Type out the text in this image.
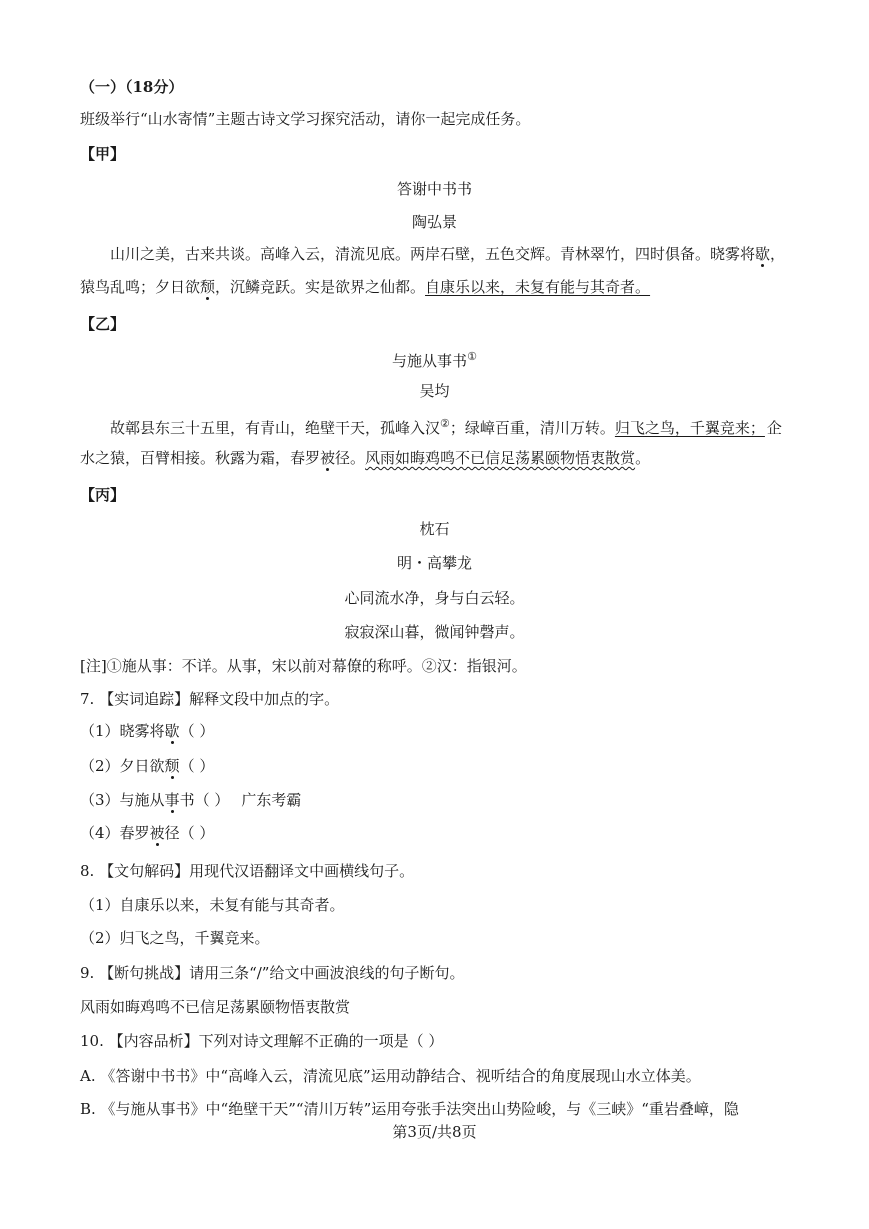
（一）（18分）
班级举行“山水寄情”主题古诗文学习探究活动，请你一起完成任务。
【甲】
答谢中书书
陶弘景
山川之美，古来共谈。高峰入云，清流见底。两岸石壁，五色交辉。青林翠竹，四时俱备。晓雾将歇，
猿鸟乱鸣；夕日欲颓，沉鳞竞跃。实是欲界之仙都。自康乐以来，未复有能与其奇者。
【乙】
与施从事书①
吴均
故鄣县东三十五里，有青山，绝壁干天，孤峰入汉②；绿嶂百重，清川万转。归飞之鸟，千翼竞来； 企
水之猿，百臂相接。秋露为霜，春罗被径。风雨如晦鸡鸣不已信足荡累颐物悟衷散赏。
【丙】
枕石
明・高攀龙
心同流水净，身与白云轻。
寂寂深山暮，微闻钟磬声。
[注]①施从事：不详。从事，宋以前对幕僚的称呼。②汉：指银河。
7. 【实词追踪】解释文段中加点的字。
（1）晓雾将歇（ ）
（2）夕日欲颓（ ）
（3）与施从事书（ ） 广东考霸
（4）春罗被径（ ）
8. 【文句解码】用现代汉语翻译文中画横线句子。
（1）自康乐以来，未复有能与其奇者。
（2）归飞之鸟，千翼竞来。
9. 【断句挑战】请用三条“/”给文中画波浪线的句子断句。
风雨如晦鸡鸣不已信足荡累颐物悟衷散赏
10. 【内容品析】下列对诗文理解不正确的一项是（ ）
A. 《答谢中书书》中“高峰入云，清流见底”运用动静结合、视听结合的角度展现山水立体美。
B. 《与施从事书》中“绝壁干天”“清川万转”运用夸张手法突出山势险峻，与《三峡》“重岩叠嶂，隐
第3页/共8页
